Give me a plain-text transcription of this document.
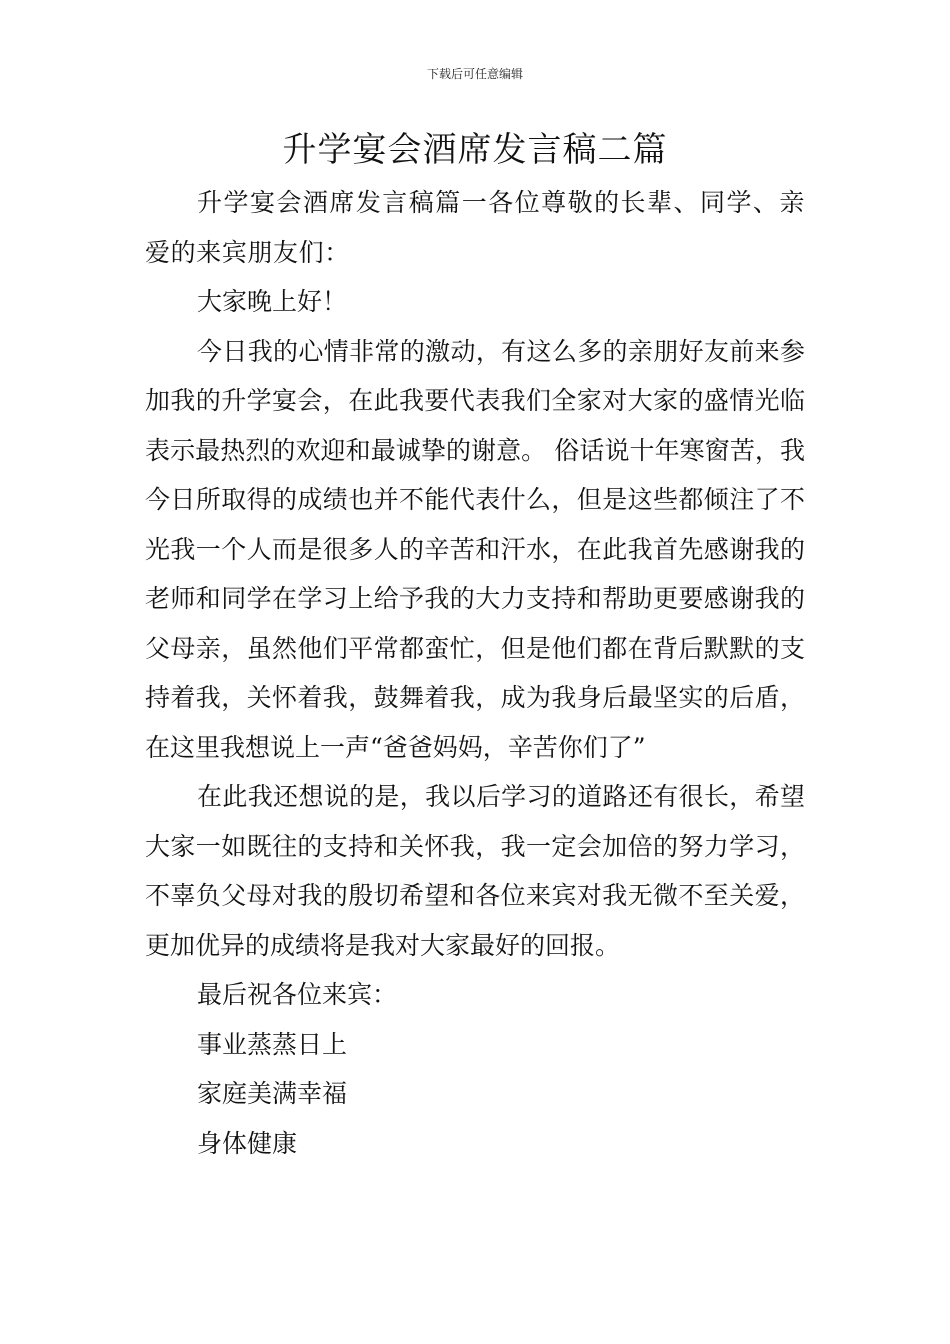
下载后可任意编辑
升学宴会酒席发言稿二篇

升学宴会酒席发言稿篇一各位尊敬的长辈、同学、亲爱的来宾朋友们：

大家晚上好！

今日我的心情非常的激动，有这么多的亲朋好友前来参加我的升学宴会，在此我要代表我们全家对大家的盛情光临表示最热烈的欢迎和最诚挚的谢意。 俗话说十年寒窗苦，我今日所取得的成绩也并不能代表什么，但是这些都倾注了不光我一个人而是很多人的辛苦和汗水，在此我首先感谢我的老师和同学在学习上给予我的大力支持和帮助更要感谢我的父母亲，虽然他们平常都蛮忙，但是他们都在背后默默的支持着我，关怀着我，鼓舞着我，成为我身后最坚实的后盾，在这里我想说上一声“爸爸妈妈，辛苦你们了”

在此我还想说的是，我以后学习的道路还有很长，希望大家一如既往的支持和关怀我，我一定会加倍的努力学习，不辜负父母对我的殷切希望和各位来宾对我无微不至关爱，更加优异的成绩将是我对大家最好的回报。

最后祝各位来宾：

事业蒸蒸日上

家庭美满幸福

身体健康
